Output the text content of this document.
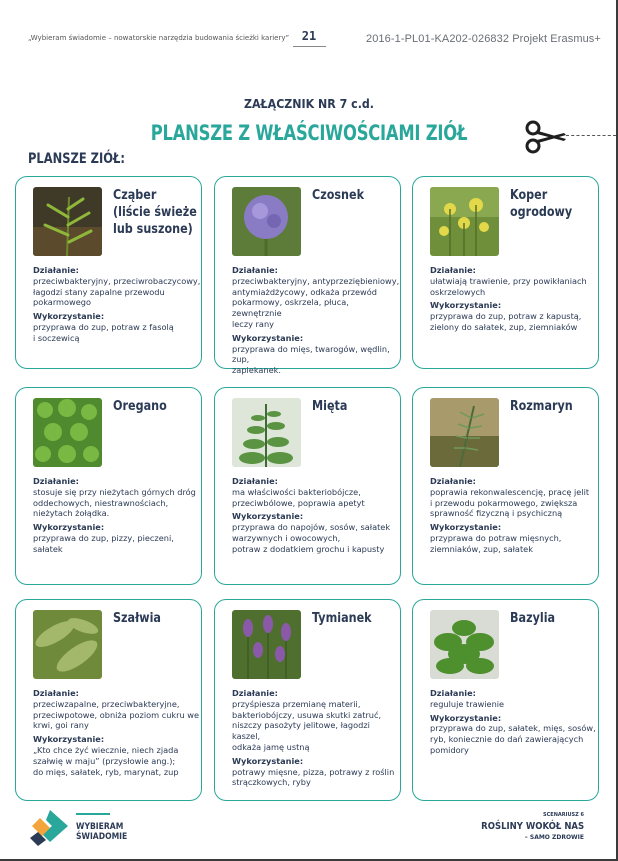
„Wybieram świadomie – nowatorskie narzędzia budowania ścieżki kariery”	21	2016-1-PL01-KA202-026832 Projekt Erasmus+
ZAŁĄCZNIK NR 7 c.d.
PLANSZE Z WŁAŚCIWOŚCIAMI ZIÓŁ
PLANSZE ZIÓŁ:
Cząber
(liście świeże
lub suszone)
Działanie:
przeciwbakteryjny, przeciwrobaczycowy,
łagodzi stany zapalne przewodu
pokarmowego
Wykorzystanie:
przyprawa do zup, potraw z fasolą
i soczewicą
Czosnek
Działanie:
przeciwbakteryjny, antyprzeziębieniowy,
antymiażdżycowy, odkaża przewód
pokarmowy, oskrzela, płuca, zewnętrznie
leczy rany
Wykorzystanie:
przyprawa do mięs, twarogów, wędlin, zup,
zapiekanek.
Koper
ogrodowy
Działanie:
ułatwiają trawienie, przy powikłaniach
oskrzelowych
Wykorzystanie:
przyprawa do zup, potraw z kapustą,
zielony do sałatek, zup, ziemniaków
Oregano
Działanie:
stosuje się przy nieżytach górnych dróg
oddechowych, niestrawnościach,
nieżytach żołądka.
Wykorzystanie:
przyprawa do zup, pizzy, pieczeni, sałatek
Mięta
Działanie:
ma właściwości bakteriobójcze,
przeciwbólowe, poprawia apetyt
Wykorzystanie:
przyprawa do napojów, sosów, sałatek
warzywnych i owocowych,
potraw z dodatkiem grochu i kapusty
Rozmaryn
Działanie:
poprawia rekonwalescencję, pracę jelit
i przewodu pokarmowego, zwiększa
sprawność fizyczną i psychiczną
Wykorzystanie:
przyprawa do potraw mięsnych,
ziemniaków, zup, sałatek
Szałwia
Działanie:
przeciwzapalne, przeciwbakteryjne,
przeciwpotowe, obniża poziom cukru we
krwi, goi rany
Wykorzystanie:
„Kto chce żyć wiecznie, niech zjada
szałwię w maju” (przysłowie ang.);
do mięs, sałatek, ryb, marynat, zup
Tymianek
Działanie:
przyśpiesza przemianę materii,
bakteriobójczy, usuwa skutki zatruć,
niszczy pasożyty jelitowe, łagodzi kaszel,
odkaża jamę ustną
Wykorzystanie:
potrawy mięsne, pizza, potrawy z roślin
strączkowych, ryby
Bazylia
Działanie:
reguluje trawienie
Wykorzystanie:
przyprawa do zup, sałatek, mięs, sosów,
ryb, koniecznie do dań zawierających
pomidory
WYBIERAM
ŚWIADOMIE
SCENARIUSZ 6
ROŚLINY WOKÓŁ NAS
– SAMO ZDROWIE
